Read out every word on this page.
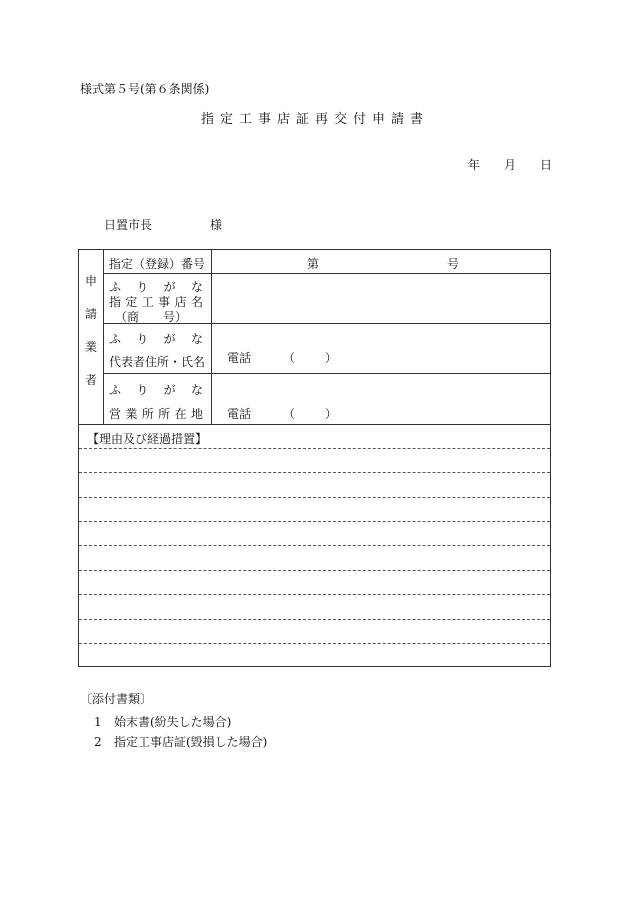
様式第５号(第６条関係)
指定工事店証再交付申請書
年 月 日
日置市長	様
申
請
業
者
指定（登録）番号	第	号
ふ り が な
指 定 工 事 店 名
（商　　号）
ふ り が な
代表者住所・氏名 電話	（	）
ふ り が な
営 業 所 所 在 地 電話	（	）
【理由及び経過措置】
〔添付書類〕
1 始末書(紛失した場合)
2 指定工事店証(毀損した場合)
